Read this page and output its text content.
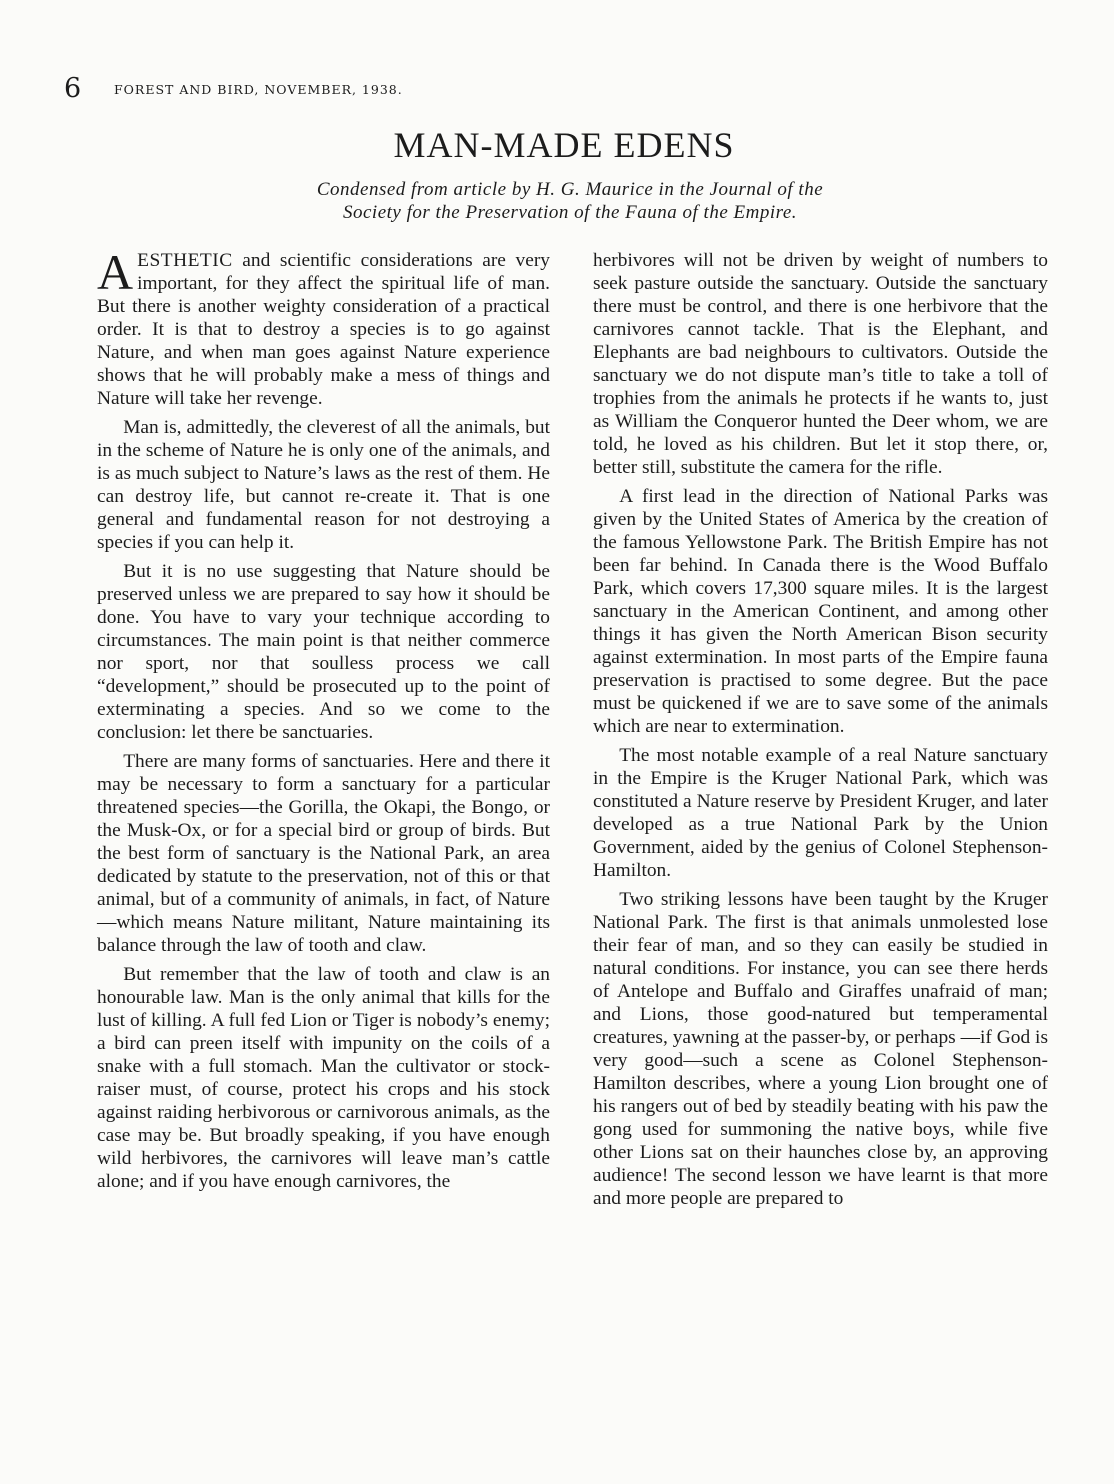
6	FOREST AND BIRD, NOVEMBER, 1938.
MAN-MADE EDENS
Condensed from article by H. G. Maurice in the Journal of the
Society for the Preservation of the Fauna of the Empire.

AESTHETIC and scientific considerations are very important, for they affect the spiritual life of man. But there is another weighty consideration of a practical order. It is that to destroy a species is to go against Nature, and when man goes against Nature experience shows that he will probably make a mess of things and Nature will take her revenge.

Man is, admittedly, the cleverest of all the animals, but in the scheme of Nature he is only one of the animals, and is as much subject to Nature’s laws as the rest of them. He can destroy life, but cannot re-create it. That is one general and fundamental reason for not destroying a species if you can help it.

But it is no use suggesting that Nature should be preserved unless we are prepared to say how it should be done. You have to vary your technique according to circumstances. The main point is that neither commerce nor sport, nor that soulless process we call “development,” should be prosecuted up to the point of exterminating a species. And so we come to the conclusion: let there be sanctuaries.

There are many forms of sanctuaries. Here and there it may be necessary to form a sanctuary for a particular threatened species—the Gorilla, the Okapi, the Bongo, or the Musk-Ox, or for a special bird or group of birds. But the best form of sanctuary is the National Park, an area dedicated by statute to the preservation, not of this or that animal, but of a community of animals, in fact, of Nature—which means Nature militant, Nature maintaining its balance through the law of tooth and claw.

But remember that the law of tooth and claw is an honourable law. Man is the only animal that kills for the lust of killing. A full fed Lion or Tiger is nobody’s enemy; a bird can preen itself with impunity on the coils of a snake with a full stomach. Man the cultivator or stock-raiser must, of course, protect his crops and his stock against raiding herbivorous or carnivorous animals, as the case may be. But broadly speaking, if you have enough wild herbivores, the carnivores will leave man’s cattle alone; and if you have enough carnivores, the

herbivores will not be driven by weight of numbers to seek pasture outside the sanctuary. Outside the sanctuary there must be control, and there is one herbivore that the carnivores cannot tackle. That is the Elephant, and Elephants are bad neighbours to cultivators. Outside the sanctuary we do not dispute man’s title to take a toll of trophies from the animals he protects if he wants to, just as William the Conqueror hunted the Deer whom, we are told, he loved as his children. But let it stop there, or, better still, substitute the camera for the rifle.

A first lead in the direction of National Parks was given by the United States of America by the creation of the famous Yellowstone Park. The British Empire has not been far behind. In Canada there is the Wood Buffalo Park, which covers 17,300 square miles. It is the largest sanctuary in the American Continent, and among other things it has given the North American Bison security against extermination. In most parts of the Empire fauna preservation is practised to some degree. But the pace must be quickened if we are to save some of the animals which are near to extermination.

The most notable example of a real Nature sanctuary in the Empire is the Kruger National Park, which was constituted a Nature reserve by President Kruger, and later developed as a true National Park by the Union Government, aided by the genius of Colonel Stephenson-Hamilton.

Two striking lessons have been taught by the Kruger National Park. The first is that animals unmolested lose their fear of man, and so they can easily be studied in natural conditions. For instance, you can see there herds of Antelope and Buffalo and Giraffes unafraid of man; and Lions, those good-natured but temperamental creatures, yawning at the passer-by, or perhaps —if God is very good—such a scene as Colonel Stephenson-Hamilton describes, where a young Lion brought one of his rangers out of bed by steadily beating with his paw the gong used for summoning the native boys, while five other Lions sat on their haunches close by, an approving audience! The second lesson we have learnt is that more and more people are prepared to
